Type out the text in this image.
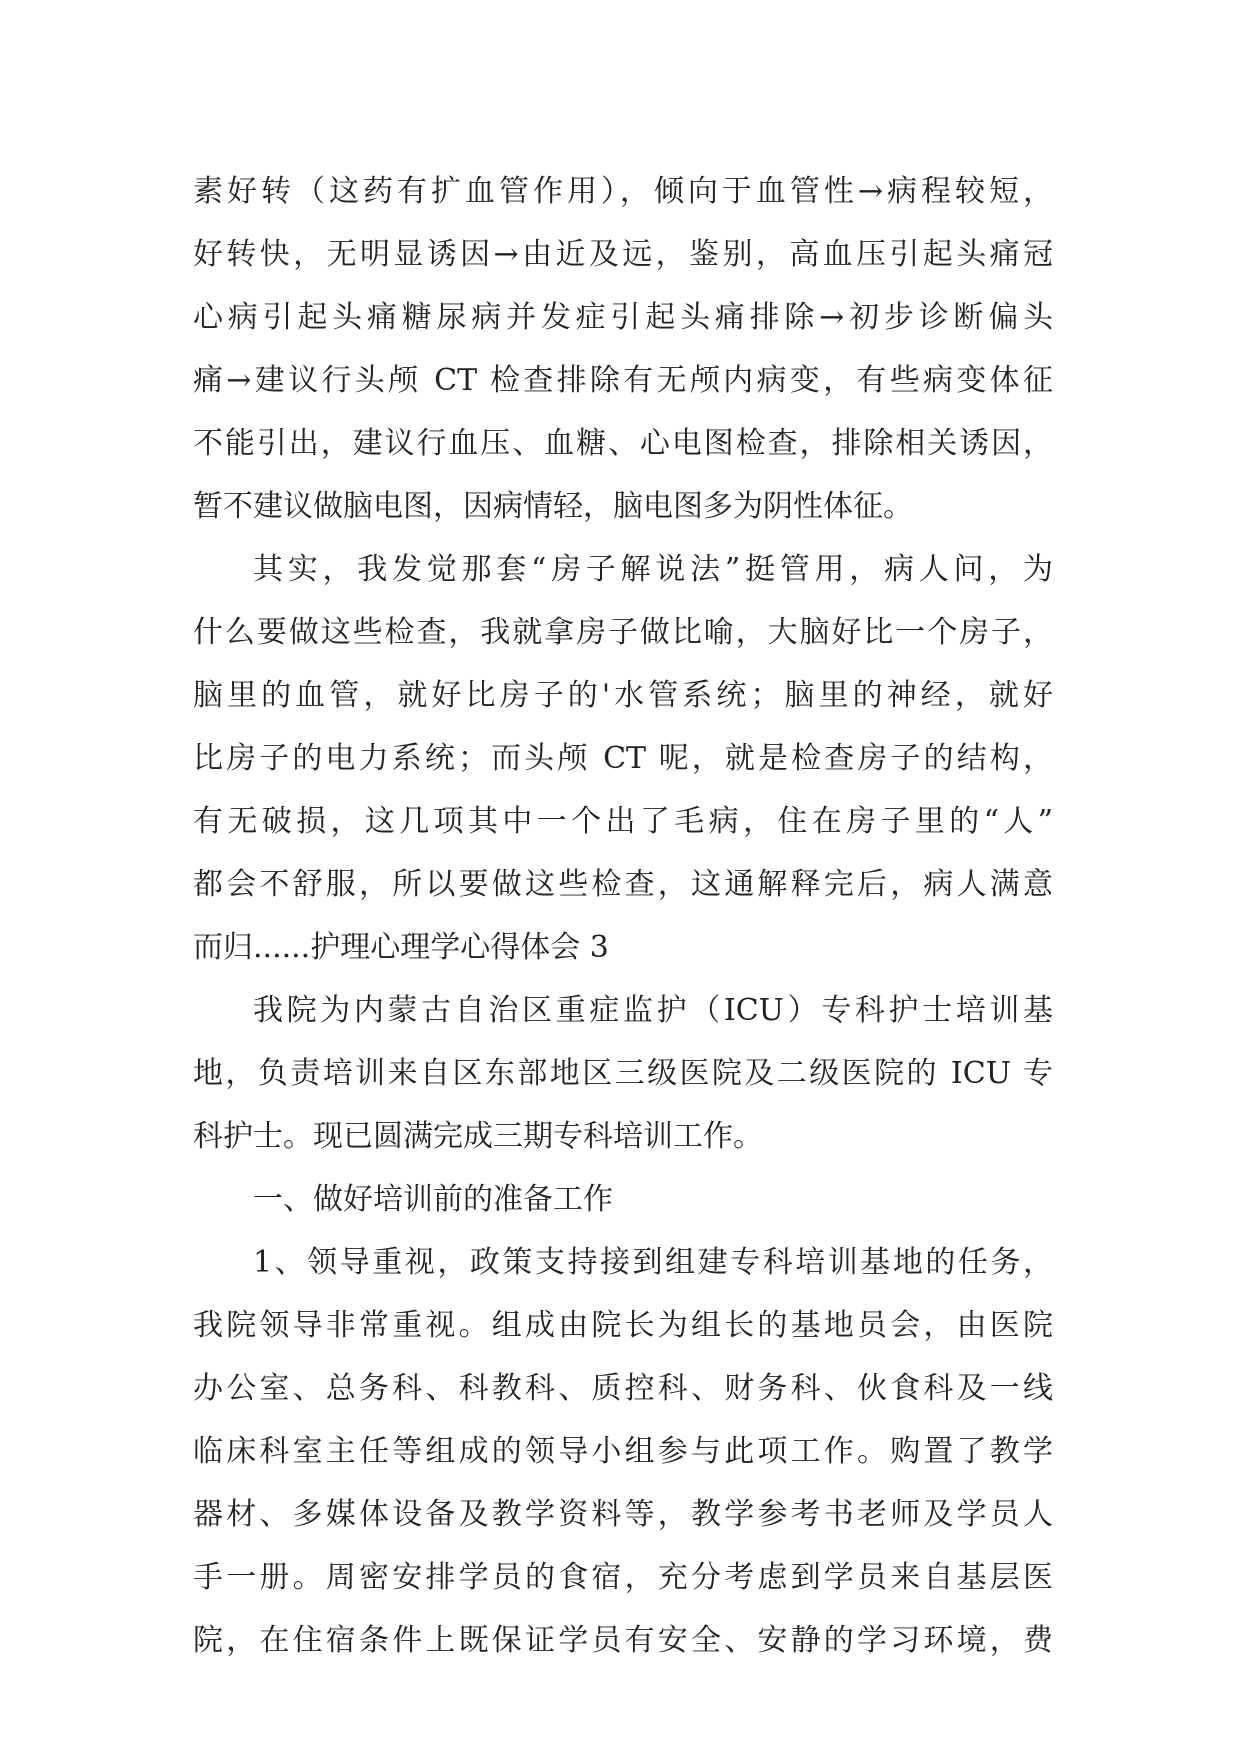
素好转（这药有扩血管作用），倾向于血管性→病程较短，
好转快，无明显诱因→由近及远，鉴别，高血压引起头痛冠
心病引起头痛糖尿病并发症引起头痛排除→初步诊断偏头
痛→建议行头颅 CT 检查排除有无颅内病变，有些病变体征
不能引出，建议行血压、血糖、心电图检查，排除相关诱因，
暂不建议做脑电图，因病情轻，脑电图多为阴性体征。
其实，我发觉那套“房子解说法”挺管用，病人问，为
什么要做这些检查，我就拿房子做比喻，大脑好比一个房子，
脑里的血管，就好比房子的'水管系统；脑里的神经，就好
比房子的电力系统；而头颅 CT 呢，就是检查房子的结构，
有无破损，这几项其中一个出了毛病，住在房子里的“人”
都会不舒服，所以要做这些检查，这通解释完后，病人满意
而归......护理心理学心得体会 3
我院为内蒙古自治区重症监护（ICU）专科护士培训基
地，负责培训来自区东部地区三级医院及二级医院的 ICU 专
科护士。现已圆满完成三期专科培训工作。
一、做好培训前的准备工作
1、领导重视，政策支持接到组建专科培训基地的任务，
我院领导非常重视。组成由院长为组长的基地员会，由医院
办公室、总务科、科教科、质控科、财务科、伙食科及一线
临床科室主任等组成的领导小组参与此项工作。购置了教学
器材、多媒体设备及教学资料等，教学参考书老师及学员人
手一册。周密安排学员的食宿，充分考虑到学员来自基层医
院，在住宿条件上既保证学员有安全、安静的学习环境，费
